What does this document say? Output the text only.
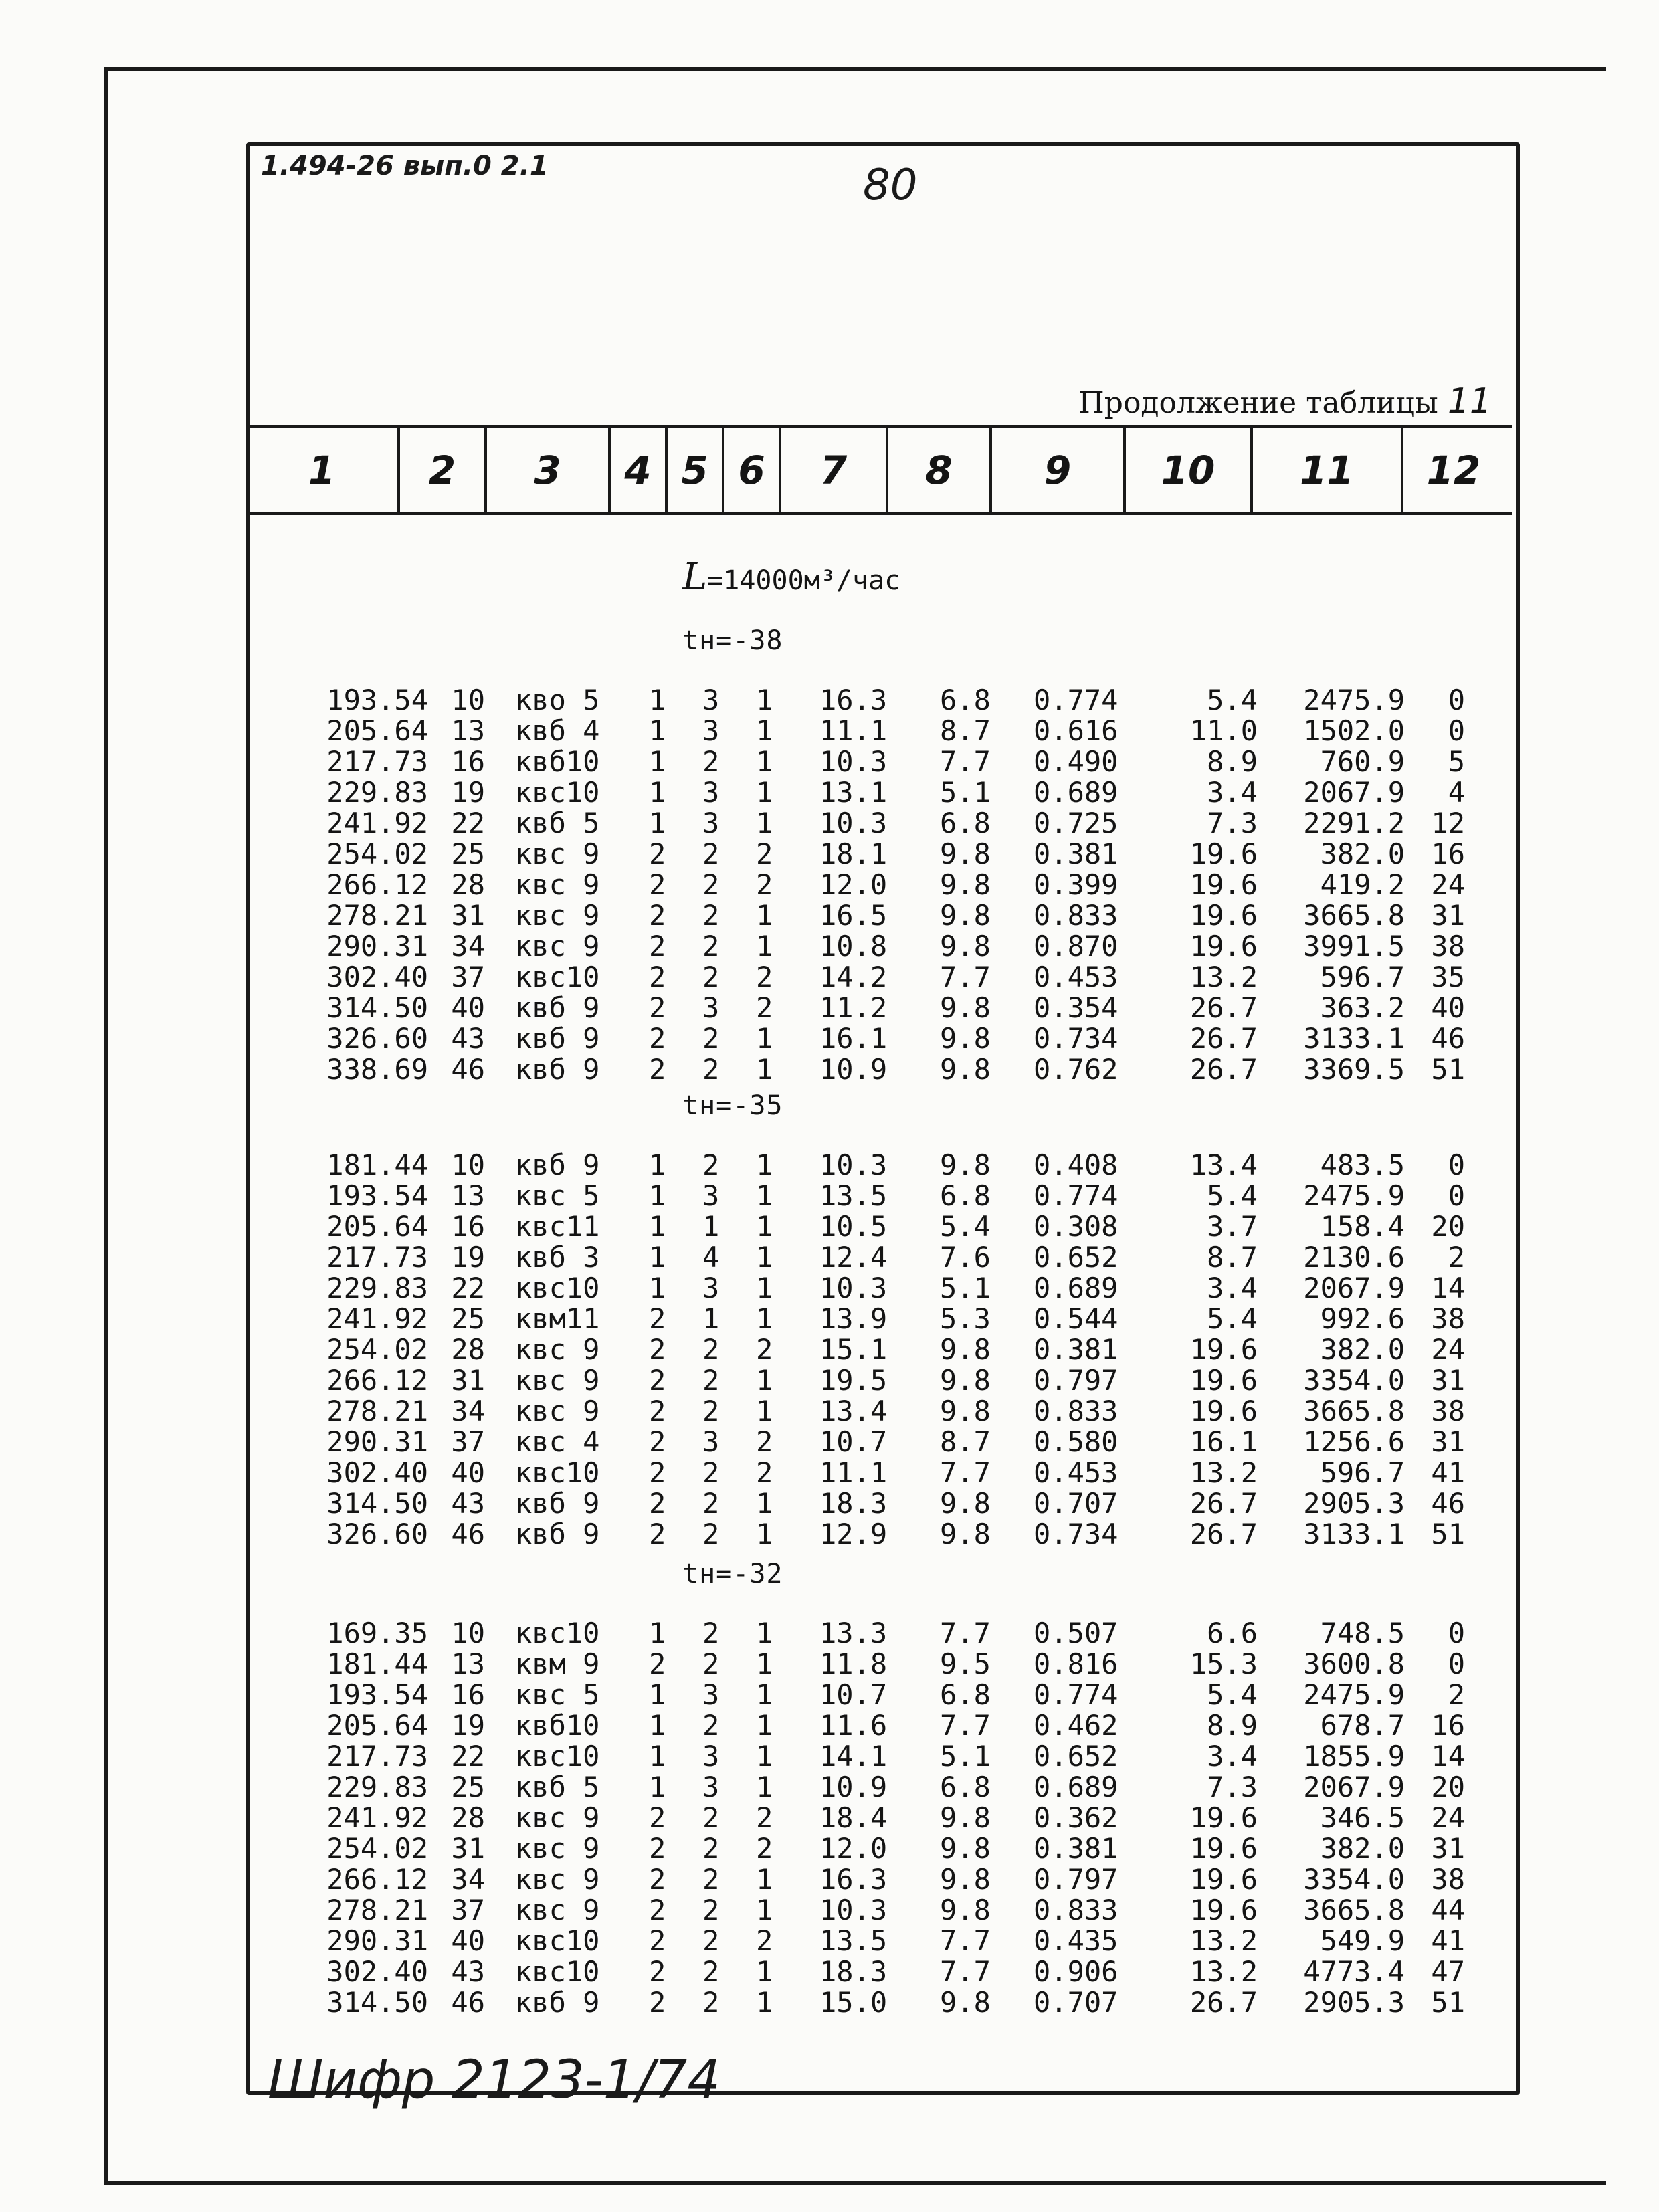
1.494-26 вып.0 2.1	80
Продолжение таблицы 11
1	2	3	4 5 6	7	8	9	10	11	12
L=14000м³/час
tн=-38
193.54 10 кво 5	1	3	1	16.3	6.8	0.774	5.4	2475.9	0
205.64 13 квб 4	1	3	1	11.1	8.7	0.616	11.0	1502.0	0
217.73 16 квб10	1	2	1	10.3	7.7	0.490	8.9	760.9	5
229.83 19 квс10	1	3	1	13.1	5.1	0.689	3.4	2067.9	4
241.92 22 квб 5	1	3	1	10.3	6.8	0.725	7.3	2291.2 12
254.02 25 квс 9	2	2	2	18.1	9.8	0.381	19.6	382.0 16
266.12 28 квс 9	2	2	2	12.0	9.8	0.399	19.6	419.2 24
278.21 31 квс 9	2	2	1	16.5	9.8	0.833	19.6	3665.8 31
290.31 34 квс 9	2	2	1	10.8	9.8	0.870	19.6	3991.5 38
302.40 37 квс10	2	2	2	14.2	7.7	0.453	13.2	596.7 35
314.50 40 квб 9	2	3	2	11.2	9.8	0.354	26.7	363.2 40
326.60 43 квб 9	2	2	1	16.1	9.8	0.734	26.7	3133.1 46
338.69 46 квб 9	2	2	1	10.9	9.8	0.762	26.7	3369.5 51
tн=-35
181.44 10 квб 9	1	2	1	10.3	9.8	0.408	13.4	483.5	0
193.54 13 квс 5	1	3	1	13.5	6.8	0.774	5.4	2475.9	0
205.64 16 квс11	1	1	1	10.5	5.4	0.308	3.7	158.4 20
217.73 19 квб 3	1	4	1	12.4	7.6	0.652	8.7	2130.6	2
229.83 22 квс10	1	3	1	10.3	5.1	0.689	3.4	2067.9 14
241.92 25 квм11	2	1	1	13.9	5.3	0.544	5.4	992.6 38
254.02 28 квс 9	2	2	2	15.1	9.8	0.381	19.6	382.0 24
266.12 31 квс 9	2	2	1	19.5	9.8	0.797	19.6	3354.0 31
278.21 34 квс 9	2	2	1	13.4	9.8	0.833	19.6	3665.8 38
290.31 37 квс 4	2	3	2	10.7	8.7	0.580	16.1	1256.6 31
302.40 40 квс10	2	2	2	11.1	7.7	0.453	13.2	596.7 41
314.50 43 квб 9	2	2	1	18.3	9.8	0.707	26.7	2905.3 46
326.60 46 квб 9	2	2	1	12.9	9.8	0.734	26.7	3133.1 51
tн=-32
169.35 10 квс10	1	2	1	13.3	7.7	0.507	6.6	748.5	0
181.44 13 квм 9	2	2	1	11.8	9.5	0.816	15.3	3600.8	0
193.54 16 квс 5	1	3	1	10.7	6.8	0.774	5.4	2475.9	2
205.64 19 квб10	1	2	1	11.6	7.7	0.462	8.9	678.7 16
217.73 22 квс10	1	3	1	14.1	5.1	0.652	3.4	1855.9 14
229.83 25 квб 5	1	3	1	10.9	6.8	0.689	7.3	2067.9 20
241.92 28 квс 9	2	2	2	18.4	9.8	0.362	19.6	346.5 24
254.02 31 квс 9	2	2	2	12.0	9.8	0.381	19.6	382.0 31
266.12 34 квс 9	2	2	1	16.3	9.8	0.797	19.6	3354.0 38
278.21 37 квс 9	2	2	1	10.3	9.8	0.833	19.6	3665.8 44
290.31 40 квс10	2	2	2	13.5	7.7	0.435	13.2	549.9 41
302.40 43 квс10	2	2	1	18.3	7.7	0.906	13.2	4773.4 47
314.50 46 квб 9	2	2	1	15.0	9.8	0.707	26.7	2905.3 51
Шифр 2123-1/74
